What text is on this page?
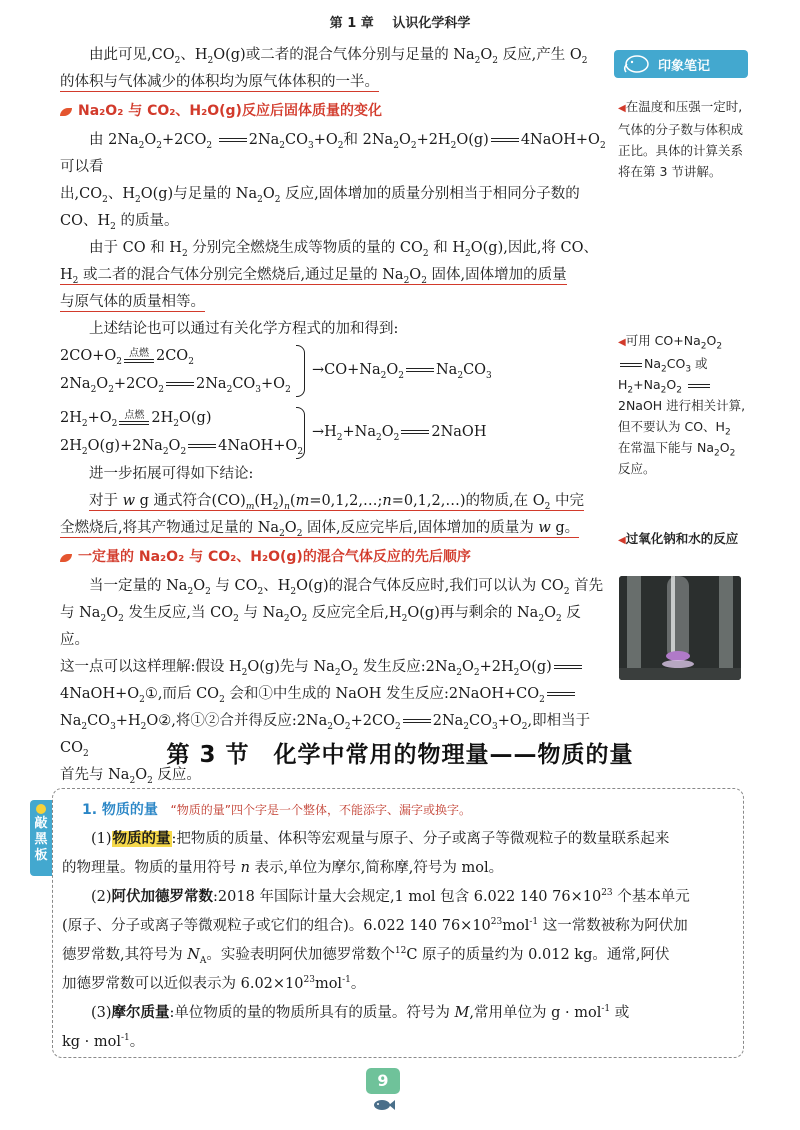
第 1 章 认识化学科学

由此可见$,CO_2$、$H_2O(g)$或二者的混合气体分别与足量的 $Na_2O_2$ 反应,产生 $O_2$

的体积与气体减少的体积均为原气体体积的一半。

Na₂O₂ 与 CO₂、H₂O(g)反应后固体质量的变化

由 $2Na_2O_2+2CO_2$	$2Na_2CO_3+O_2$和 $2Na_2O_2+2H_2O(g)$ $4NaOH+O_2$可以看

出$,CO_2$、$H_2O(g)$与足量的 $Na_2O_2$ 反应,固体增加的质量分别相当于相同分子数的

CO、$H_2$ 的质量。

由于 CO 和 $H_2$ 分别完全燃烧生成等物质的量的 $CO_2$ 和 $H_2O(g)$,因此,将 CO、

$H_2$ 或二者的混合气体分别完全燃烧后,通过足量的 $Na_2O_2$ 固体,固体增加的质量

与原气体的质量相等。

上述结论也可以通过有关化学方程式的加和得到:

$2CO+O_2$
点燃 $2CO_2$
$2Na_2O_2+2CO_2$ $2Na_2CO_3+O_2$
$\to CO+Na_2O_2$ $Na_2CO_3$
$2H_2+O_2$
点燃 $2H_2O(g)$
$2H_2O(g)+2Na_2O_2$ $4NaOH+O_2$
$\to H_2+Na_2O_2$ 2NaOH

进一步拓展可得如下结论:

对于 w g 通式符合$(CO)_m(H_2)_n(m=0,1,2,\dots;n=0,1,2,\dots)$的物质,在 $O_2$ 中完

全燃烧后,将其产物通过足量的 $Na_2O_2$ 固体,反应完毕后,固体增加的质量为 w g。

一定量的 Na₂O₂ 与 CO₂、H₂O(g)的混合气体反应的先后顺序

当一定量的 $Na_2O_2$ 与 $CO_2$、$H_2O(g)$的混合气体反应时,我们可以认为 $CO_2$ 首先

与 $Na_2O_2$ 发生反应,当 $CO_2$ 与 $Na_2O_2$ 反应完全后$,H_2O(g)$再与剩余的 $Na_2O_2$ 反应。

这一点可以这样理解:假设 $H_2O(g)$先与 $Na_2O_2$ 发生反应$:2Na_2O_2+2H_2O(g)$

$4NaOH+O_2①$,而后 $CO_2$ 会和①中生成的 NaOH 发生反应$:2NaOH+CO_2$

$Na_2CO_3+H_2O②$,将①②合并得反应$:2Na_2O_2+2CO_2$ $2Na_2CO_3+O_2$,即相当于 $CO_2$

首先与 $Na_2O_2$ 反应。

印象笔记
◀在温度和压强一定时,气体的分子数与体积成正比。具体的计算关系将在第 3 节讲解。
◀可用 $CO+Na_2O_2$ $Na_2CO_3$ 或 $H_2+Na_2O_2$ 2NaOH 进行相关计算,但不要认为 CO、$H_2$ 在常温下能与 $Na_2O_2$ 反应。
◀过氧化钠和水的反应
第 3 节　化学中常用的物理量——物质的量
敲黑板

1. 物质的量 “物质的量”四个字是一个整体，不能添字、漏字或换字。

(1)物质的量:把物质的质量、体积等宏观量与原子、分子或离子等微观粒子的数量联系起来

的物理量。物质的量用符号 n 表示,单位为摩尔,简称摩,符号为 mol。

(2)阿伏加德罗常数:2018 年国际计量大会规定,1 mol 包含 6.022 140 $76\times 10^{23}$ 个基本单元

(原子、分子或离子等微观粒子或它们的组合)。6.022 140 $76\times 10^{23}mol^{-1}$ 这一常数被称为阿伏加

德罗常数,其符号为 $N_A$。实验表明阿伏加德罗常数个$^{12}$C 原子的质量约为 0.012 kg。通常,阿伏

加德罗常数可以近似表示为 $6.02\times 10^{23}mol^{-1}$。

(3)摩尔质量:单位物质的量的物质所具有的质量。符号为 M,常用单位为 g · mol$^{-1}$ 或

kg · mol$^{-1}$。

9
